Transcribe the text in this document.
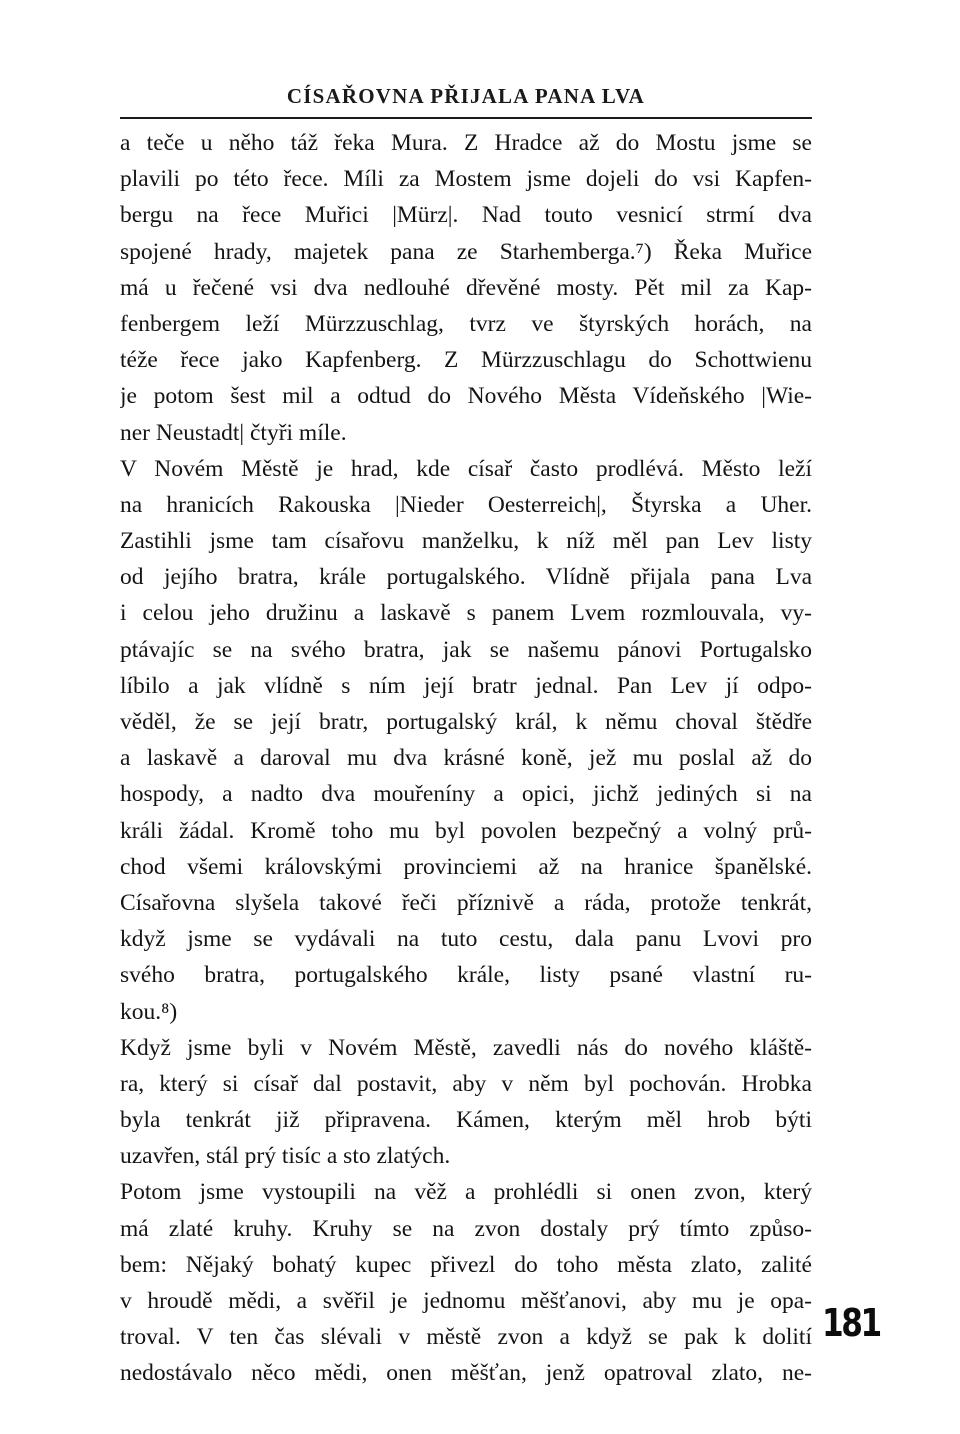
CÍSAŘOVNA PŘIJALA PANA LVA
a teče u něho táž řeka Mura. Z Hradce až do Mostu jsme se
plavili po této řece. Míli za Mostem jsme dojeli do vsi Kapfen-
bergu na řece Muřici |Mürz|. Nad touto vesnicí strmí dva
spojené hrady, majetek pana ze Starhemberga.⁷) Řeka Muřice
má u řečené vsi dva nedlouhé dřevěné mosty. Pět mil za Kap-
fenbergem leží Mürzzuschlag, tvrz ve štyrských horách, na
téže řece jako Kapfenberg. Z Mürzzuschlagu do Schottwienu
je potom šest mil a odtud do Nového Města Vídeňského |Wie-
ner Neustadt| čtyři míle.
V Novém Městě je hrad, kde císař často prodlévá. Město leží
na hranicích Rakouska |Nieder Oesterreich|, Štyrska a Uher.
Zastihli jsme tam císařovu manželku, k níž měl pan Lev listy
od jejího bratra, krále portugalského. Vlídně přijala pana Lva
i celou jeho družinu a laskavě s panem Lvem rozmlouvala, vy-
ptávajíc se na svého bratra, jak se našemu pánovi Portugalsko
líbilo a jak vlídně s ním její bratr jednal. Pan Lev jí odpo-
věděl, že se její bratr, portugalský král, k němu choval štědře
a laskavě a daroval mu dva krásné koně, jež mu poslal až do
hospody, a nadto dva mouřeníny a opici, jichž jediných si na
králi žádal. Kromě toho mu byl povolen bezpečný a volný prů-
chod všemi královskými provinciemi až na hranice španělské.
Císařovna slyšela takové řeči příznivě a ráda, protože tenkrát,
když jsme se vydávali na tuto cestu, dala panu Lvovi pro
svého bratra, portugalského krále, listy psané vlastní ru-
kou.⁸)
Když jsme byli v Novém Městě, zavedli nás do nového kláště-
ra, který si císař dal postavit, aby v něm byl pochován. Hrobka
byla tenkrát již připravena. Kámen, kterým měl hrob býti
uzavřen, stál prý tisíc a sto zlatých.
Potom jsme vystoupili na věž a prohlédli si onen zvon, který
má zlaté kruhy. Kruhy se na zvon dostaly prý tímto způso-
bem: Nějaký bohatý kupec přivezl do toho města zlato, zalité
v hroudě mědi, a svěřil je jednomu měšťanovi, aby mu je opa-
troval. V ten čas slévali v městě zvon a když se pak k dolití
nedostávalo něco mědi, onen měšťan, jenž opatroval zlato, ne-
181
